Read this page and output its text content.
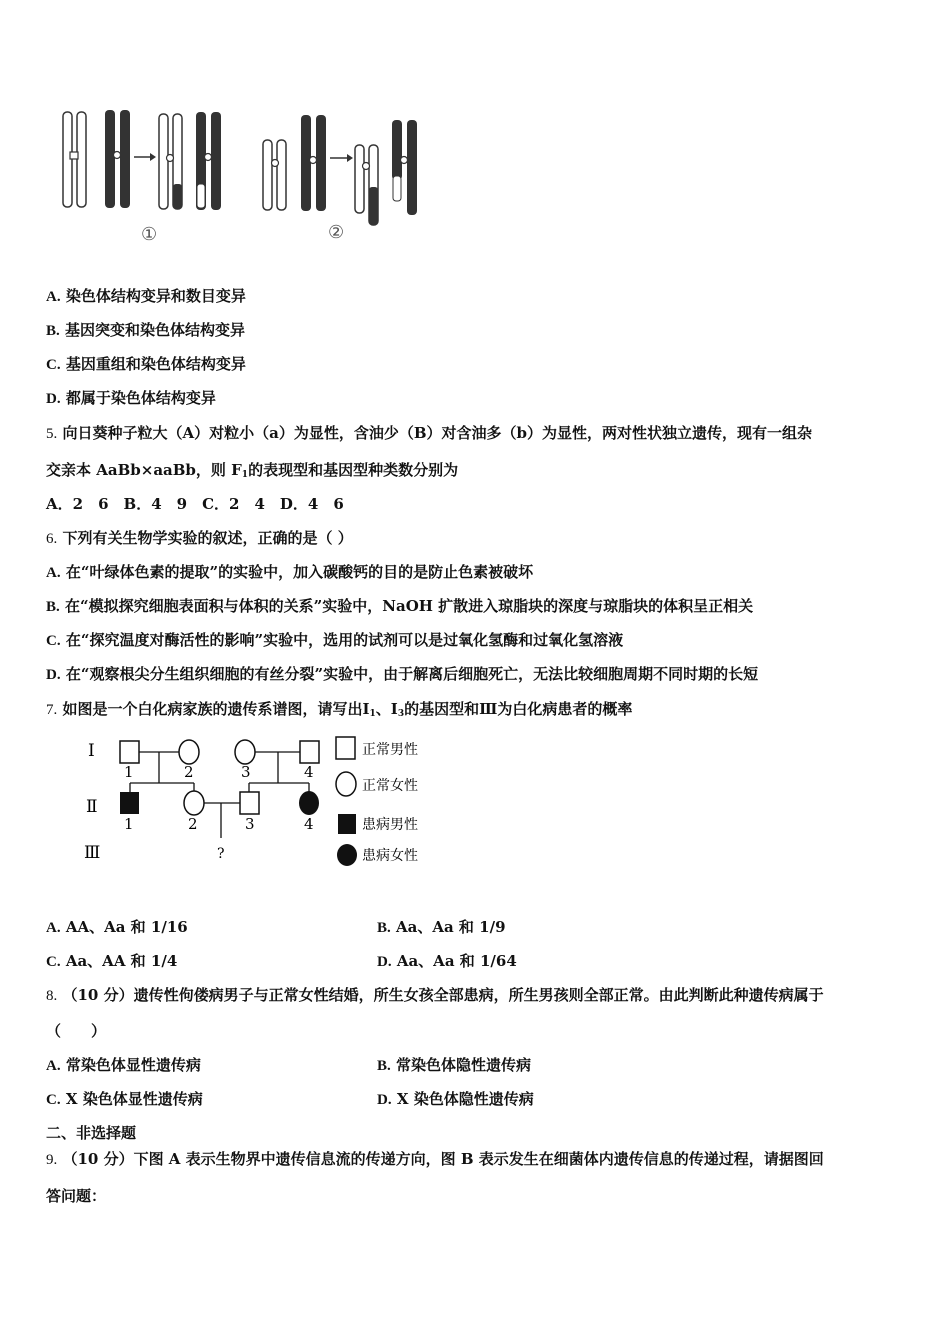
①	②
A. 染色体结构变异和数目变异
B. 基因突变和染色体结构变异
C. 基因重组和染色体结构变异
D. 都属于染色体结构变异
5. 向日葵种子粒大（A）对粒小（a）为显性，含油少（B）对含油多（b）为显性，两对性状独立遗传，现有一组杂
交亲本 AaBb×aaBb，则 $F_1$的表现型和基因型种类数分别为
A．2　6　B．4　9　C．2　4　D．4　6
6. 下列有关生物学实验的叙述，正确的是（ ）
A. 在“叶绿体色素的提取”的实验中，加入碳酸钙的目的是防止色素被破坏
B. 在“模拟探究细胞表面积与体积的关系”实验中，NaOH 扩散进入琼脂块的深度与琼脂块的体积呈正相关
C. 在“探究温度对酶活性的影响”实验中，选用的试剂可以是过氧化氢酶和过氧化氢溶液
D. 在“观察根尖分生组织细胞的有丝分裂”实验中，由于解离后细胞死亡，无法比较细胞周期不同时期的长短
7. 如图是一个白化病家族的遗传系谱图，请写出$Ⅰ_1$、$Ⅰ_3$的基因型和Ⅲ为白化病患者的概率
Ⅰ
Ⅱ
Ⅲ
1	2	3	4
1	2	3	4
?
正常男性
正常女性
患病男性
患病女性
A. AA、Aa 和 1/16	B. Aa、Aa 和 1/9
C. Aa、AA 和 1/4	D. Aa、Aa 和 1/64
8. （10 分）遗传性佝偻病男子与正常女性结婚，所生女孩全部患病，所生男孩则全部正常。由此判断此种遗传病属于
（　　）
A. 常染色体显性遗传病	B. 常染色体隐性遗传病
C. X 染色体显性遗传病	D. X 染色体隐性遗传病
二、非选择题
9. （10 分）下图 A 表示生物界中遗传信息流的传递方向，图 B 表示发生在细菌体内遗传信息的传递过程，请据图回
答问题：
